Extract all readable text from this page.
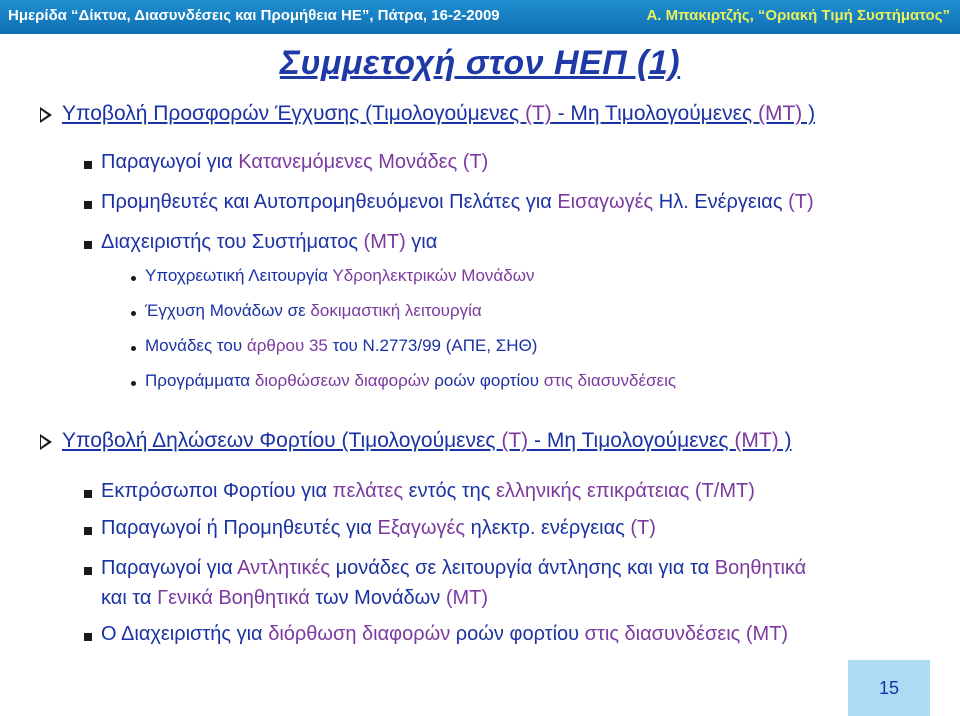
Ημερίδα “Δίκτυα, Διασυνδέσεις και Προμήθεια ΗΕ”, Πάτρα, 16-2-2009	Α. Μπακιρτζής, “Οριακή Τιμή Συστήματος”
Συμμετοχή στον ΗΕΠ (1)
Υποβολή Προσφορών Έγχυσης (Τιμολογούμενες (Τ) - Μη Τιμολογούμενες (ΜΤ) )
Παραγωγοί για Κατανεμόμενες Μονάδες (Τ)
Προμηθευτές και Αυτοπρομηθευόμενοι Πελάτες για Εισαγωγές Ηλ. Ενέργειας (Τ)
Διαχειριστής του Συστήματος (ΜΤ) για
Υποχρεωτική Λειτουργία Υδροηλεκτρικών Μονάδων
Έγχυση Μονάδων σε δοκιμαστική λειτουργία
Μονάδες του άρθρου 35 του Ν.2773/99 (ΑΠΕ, ΣΗΘ)
Προγράμματα διορθώσεων διαφορών ροών φορτίου στις διασυνδέσεις
Υποβολή Δηλώσεων Φορτίου (Τιμολογούμενες (Τ) - Μη Τιμολογούμενες (ΜΤ) )
Εκπρόσωποι Φορτίου για πελάτες εντός της ελληνικής επικράτειας (Τ/ΜΤ)
Παραγωγοί ή Προμηθευτές για Εξαγωγές ηλεκτρ. ενέργειας (Τ)
Παραγωγοί για Αντλητικές μονάδες σε λειτουργία άντλησης και για τα Βοηθητικά
και τα Γενικά Βοηθητικά των Μονάδων (ΜΤ)
Ο Διαχειριστής για διόρθωση διαφορών ροών φορτίου στις διασυνδέσεις (ΜΤ)
15
